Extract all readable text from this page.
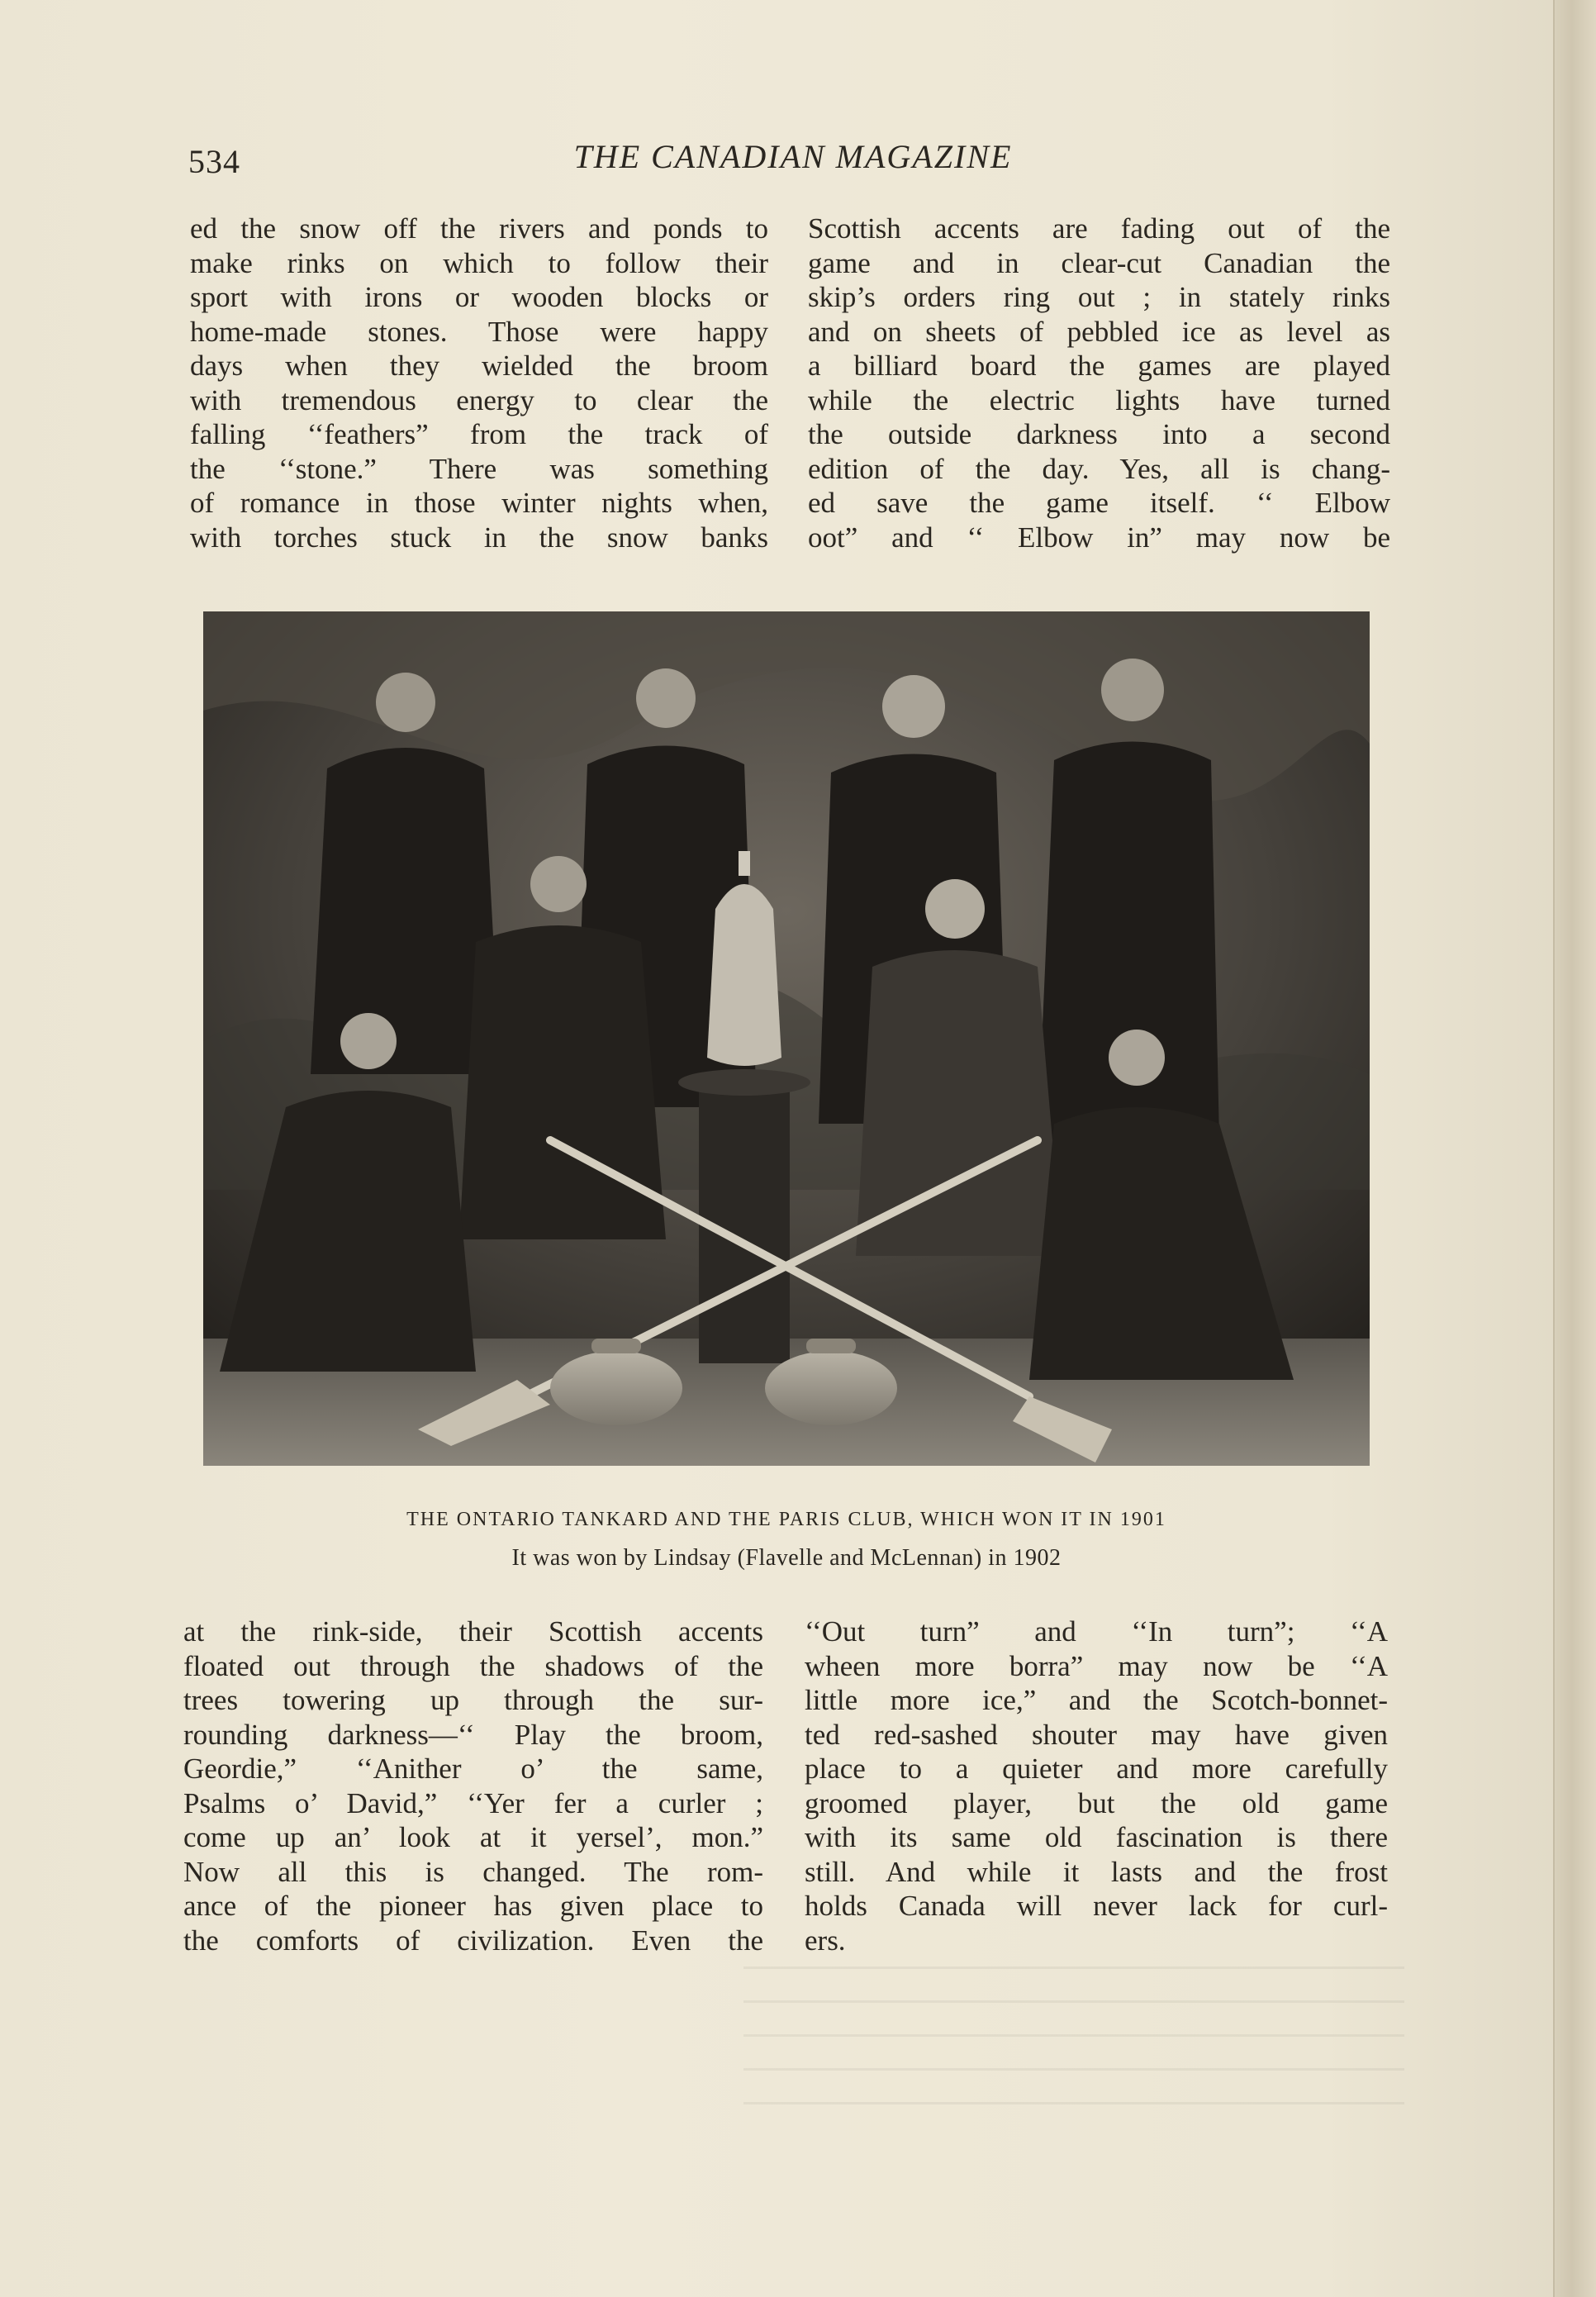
534	THE CANADIAN MAGAZINE

ed the snow off the rivers and ponds to

make rinks on which to follow their

sport with irons or wooden blocks or

home-made stones. Those were happy

days when they wielded the broom

with tremendous energy to clear the

falling ‘‘feathers” from the track of

the ‘‘stone.” There was something

of romance in those winter nights when,

with torches stuck in the snow banks

Scottish accents are fading out of the

game and in clear-cut Canadian the

skip’s orders ring out ; in stately rinks

and on sheets of pebbled ice as level as

a billiard board the games are played

while the electric lights have turned

the outside darkness into a second

edition of the day. Yes, all is chang-

ed save the game itself. ‘‘ Elbow

oot” and ‘‘ Elbow in” may now be

THE ONTARIO TANKARD AND THE PARIS CLUB, WHICH WON IT IN 1901
It was won by Lindsay (Flavelle and McLennan) in 1902

at the rink-side, their Scottish accents

floated out through the shadows of the

trees towering up through the sur-

rounding darkness—‘‘ Play the broom,

Geordie,” ‘‘Anither o’ the same,

Psalms o’ David,” ‘‘Yer fer a curler ;

come up an’ look at it yersel’, mon.”

Now all this is changed. The rom-

ance of the pioneer has given place to

the comforts of civilization. Even the

‘‘Out turn” and ‘‘In turn”; ‘‘A

wheen more borra” may now be ‘‘A

little more ice,” and the Scotch-bonnet-

ted red-sashed shouter may have given

place to a quieter and more carefully

groomed player, but the old game

with its same old fascination is there

still. And while it lasts and the frost

holds Canada will never lack for curl-

ers.
